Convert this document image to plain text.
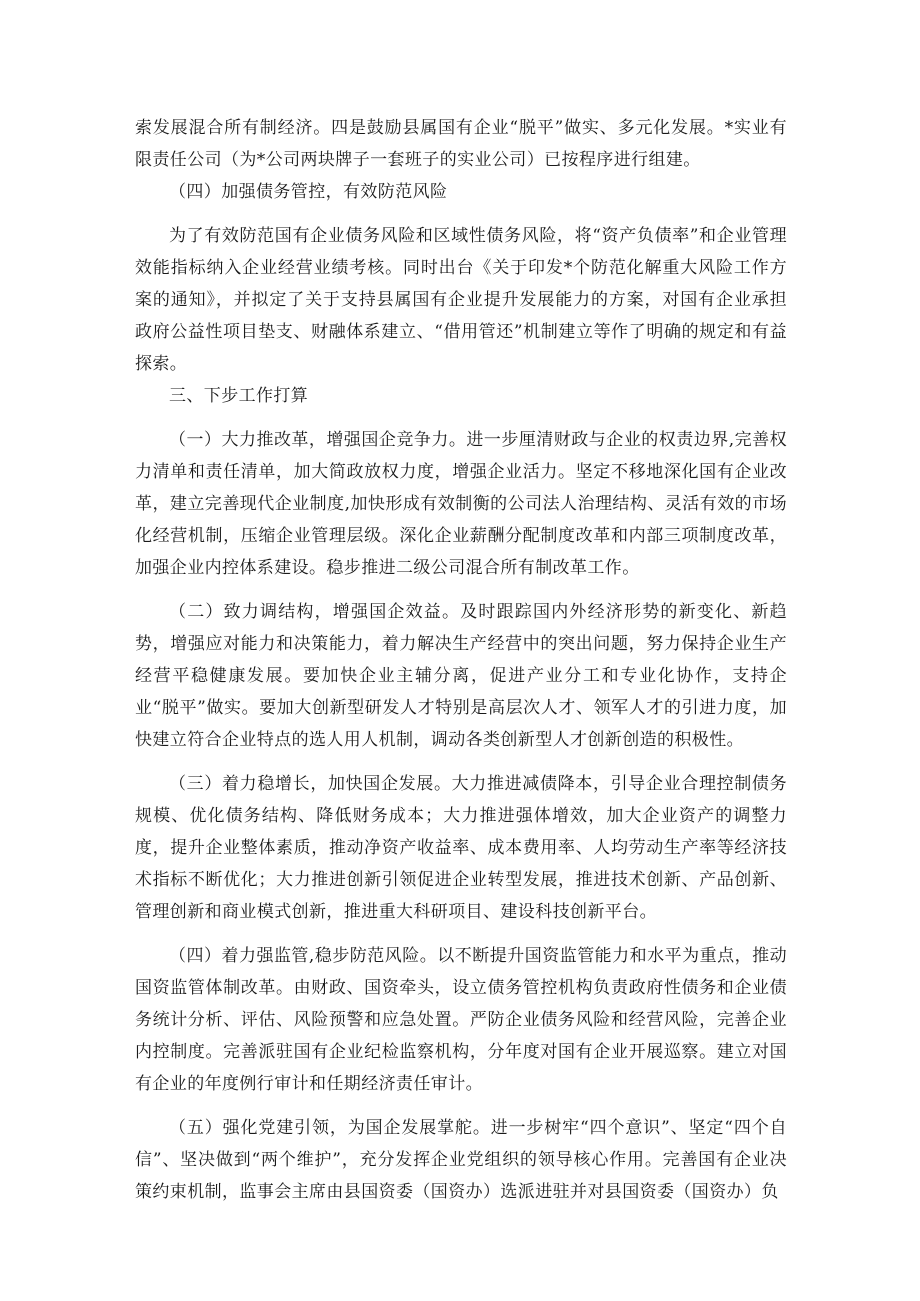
索发展混合所有制经济。四是鼓励县属国有企业“脱平”做实、多元化发展。*实业有限责任公司（为*公司两块牌子一套班子的实业公司）已按程序进行组建。

（四）加强债务管控，有效防范风险

为了有效防范国有企业债务风险和区域性债务风险，将“资产负债率”和企业管理效能指标纳入企业经营业绩考核。同时出台《关于印发*个防范化解重大风险工作方案的通知》，并拟定了关于支持县属国有企业提升发展能力的方案，对国有企业承担政府公益性项目垫支、财融体系建立、“借用管还”机制建立等作了明确的规定和有益探索。

三、下步工作打算

（一）大力推改革，增强国企竞争力。进一步厘清财政与企业的权责边界,完善权力清单和责任清单，加大简政放权力度，增强企业活力。坚定不移地深化国有企业改革，建立完善现代企业制度,加快形成有效制衡的公司法人治理结构、灵活有效的市场化经营机制，压缩企业管理层级。深化企业薪酬分配制度改革和内部三项制度改革，加强企业内控体系建设。稳步推进二级公司混合所有制改革工作。

（二）致力调结构，增强国企效益。及时跟踪国内外经济形势的新变化、新趋势，增强应对能力和决策能力，着力解决生产经营中的突出问题，努力保持企业生产经营平稳健康发展。要加快企业主辅分离，促进产业分工和专业化协作，支持企业“脱平”做实。要加大创新型研发人才特别是高层次人才、领军人才的引进力度，加快建立符合企业特点的选人用人机制，调动各类创新型人才创新创造的积极性。

（三）着力稳增长，加快国企发展。大力推进减债降本，引导企业合理控制债务规模、优化债务结构、降低财务成本；大力推进强体增效，加大企业资产的调整力度，提升企业整体素质，推动净资产收益率、成本费用率、人均劳动生产率等经济技术指标不断优化；大力推进创新引领促进企业转型发展，推进技术创新、产品创新、管理创新和商业模式创新，推进重大科研项目、建设科技创新平台。

（四）着力强监管,稳步防范风险。以不断提升国资监管能力和水平为重点，推动国资监管体制改革。由财政、国资牵头，设立债务管控机构负责政府性债务和企业债务统计分析、评估、风险预警和应急处置。严防企业债务风险和经营风险，完善企业内控制度。完善派驻国有企业纪检监察机构，分年度对国有企业开展巡察。建立对国有企业的年度例行审计和任期经济责任审计。

（五）强化党建引领，为国企发展掌舵。进一步树牢“四个意识”、坚定“四个自信”、坚决做到“两个维护”，充分发挥企业党组织的领导核心作用。完善国有企业决策约束机制，监事会主席由县国资委（国资办）选派进驻并对县国资委（国资办）负
